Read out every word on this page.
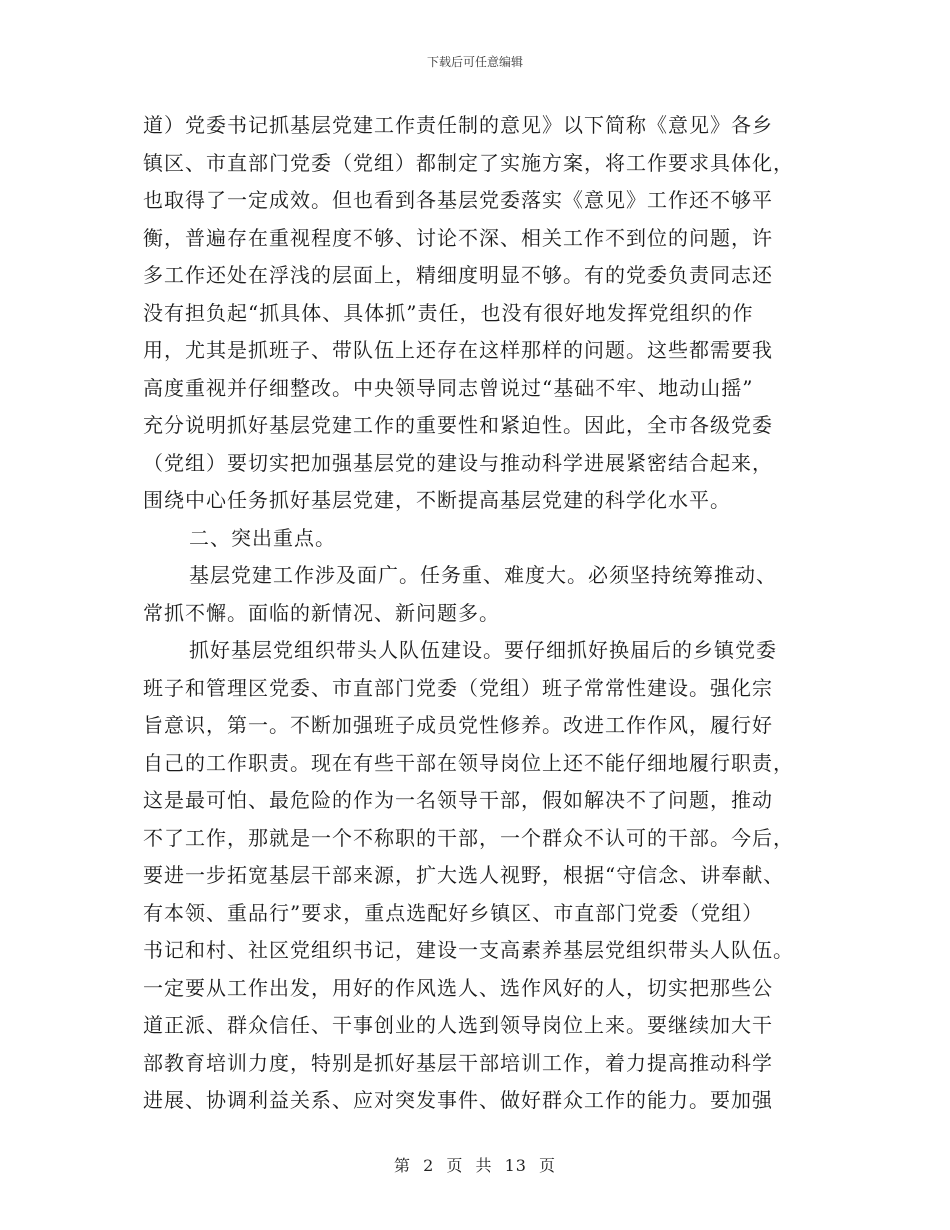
下载后可任意编辑
道）党委书记抓基层党建工作责任制的意见》以下简称《意见》各乡
镇区、市直部门党委（党组）都制定了实施方案，将工作要求具体化，
也取得了一定成效。但也看到各基层党委落实《意见》工作还不够平
衡，普遍存在重视程度不够、讨论不深、相关工作不到位的问题，许
多工作还处在浮浅的层面上，精细度明显不够。有的党委负责同志还
没有担负起“抓具体、具体抓”责任，也没有很好地发挥党组织的作
用，尤其是抓班子、带队伍上还存在这样那样的问题。这些都需要我
高度重视并仔细整改。中央领导同志曾说过“基础不牢、地动山摇”
充分说明抓好基层党建工作的重要性和紧迫性。因此，全市各级党委
（党组）要切实把加强基层党的建设与推动科学进展紧密结合起来，
围绕中心任务抓好基层党建，不断提高基层党建的科学化水平。
二、突出重点。
基层党建工作涉及面广。任务重、难度大。必须坚持统筹推动、
常抓不懈。面临的新情况、新问题多。
抓好基层党组织带头人队伍建设。要仔细抓好换届后的乡镇党委
班子和管理区党委、市直部门党委（党组）班子常常性建设。强化宗
旨意识，第一。不断加强班子成员党性修养。改进工作作风，履行好
自己的工作职责。现在有些干部在领导岗位上还不能仔细地履行职责，
这是最可怕、最危险的作为一名领导干部，假如解决不了问题，推动
不了工作，那就是一个不称职的干部，一个群众不认可的干部。今后，
要进一步拓宽基层干部来源，扩大选人视野，根据“守信念、讲奉献、
有本领、重品行”要求，重点选配好乡镇区、市直部门党委（党组）
书记和村、社区党组织书记，建设一支高素养基层党组织带头人队伍。
一定要从工作出发，用好的作风选人、选作风好的人，切实把那些公
道正派、群众信任、干事创业的人选到领导岗位上来。要继续加大干
部教育培训力度，特别是抓好基层干部培训工作，着力提高推动科学
进展、协调利益关系、应对突发事件、做好群众工作的能力。要加强
第 2 页 共 13 页
